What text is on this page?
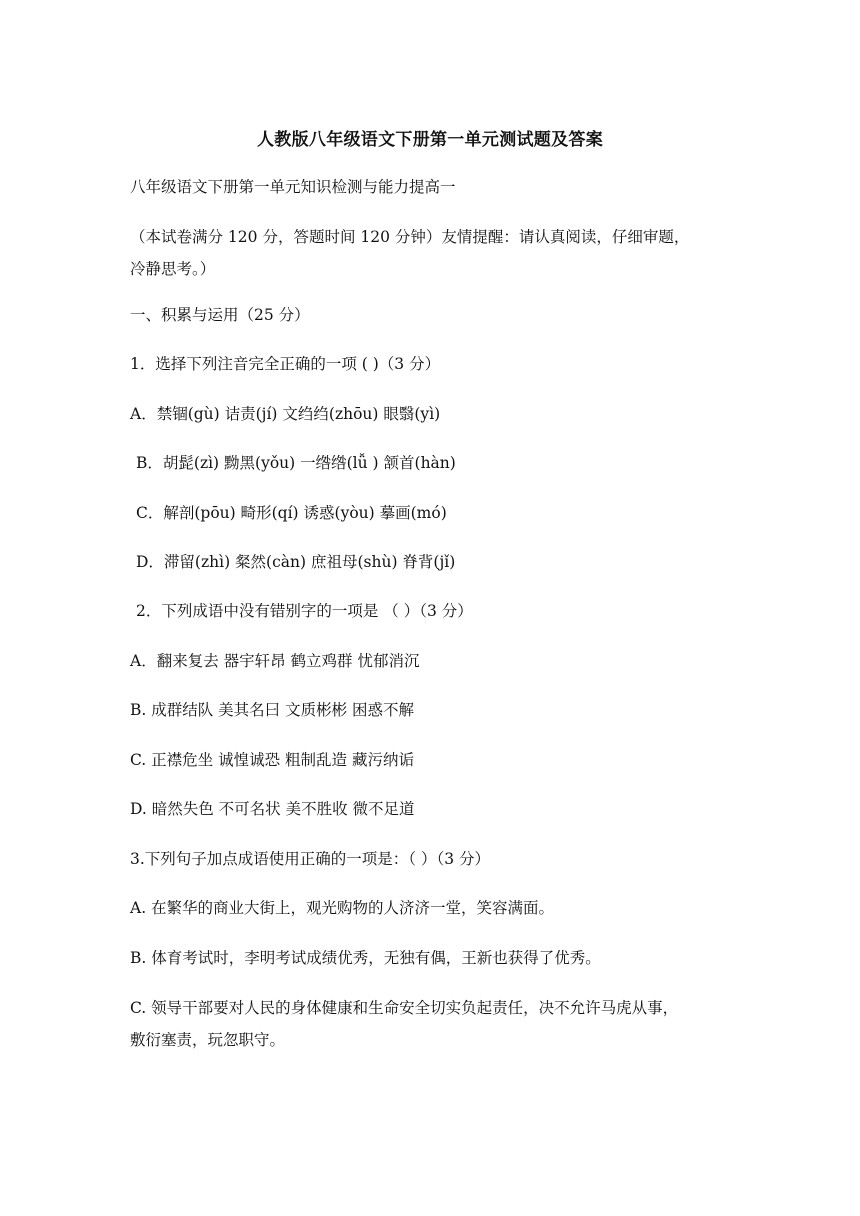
人教版八年级语文下册第一单元测试题及答案
八年级语文下册第一单元知识检测与能力提高一
（本试卷满分 120 分，答题时间 120 分钟）友情提醒：请认真阅读，仔细审题，
冷静思考。）
一、积累与运用（25 分）
1．选择下列注音完全正确的一项 ( )（3 分）
A．禁锢(gù) 诘责(jí) 文绉绉(zhōu) 眼翳(yì)
B．胡髭(zì) 黝黑(yǒu) 一绺绺(lǚ ) 颔首(hàn)
C．解剖(pōu) 畸形(qí) 诱惑(yòu) 摹画(mó)
D．滞留(zhì) 粲然(càn) 庶祖母(shù) 脊背(jǐ)
2．下列成语中没有错别字的一项是 （ ）（3 分）
A．翻来复去 器宇轩昂 鹤立鸡群 忧郁消沉
B. 成群结队 美其名曰 文质彬彬 困惑不解
C. 正襟危坐 诚惶诚恐 粗制乱造 藏污纳诟
D. 暗然失色 不可名状 美不胜收 微不足道
3.下列句子加点成语使用正确的一项是：（ ）（3 分）
A. 在繁华的商业大街上，观光购物的人济济一堂，笑容满面。
B. 体育考试时，李明考试成绩优秀，无独有偶，王新也获得了优秀。
C. 领导干部要对人民的身体健康和生命安全切实负起责任，决不允许马虎从事，
敷衍塞责，玩忽职守。
